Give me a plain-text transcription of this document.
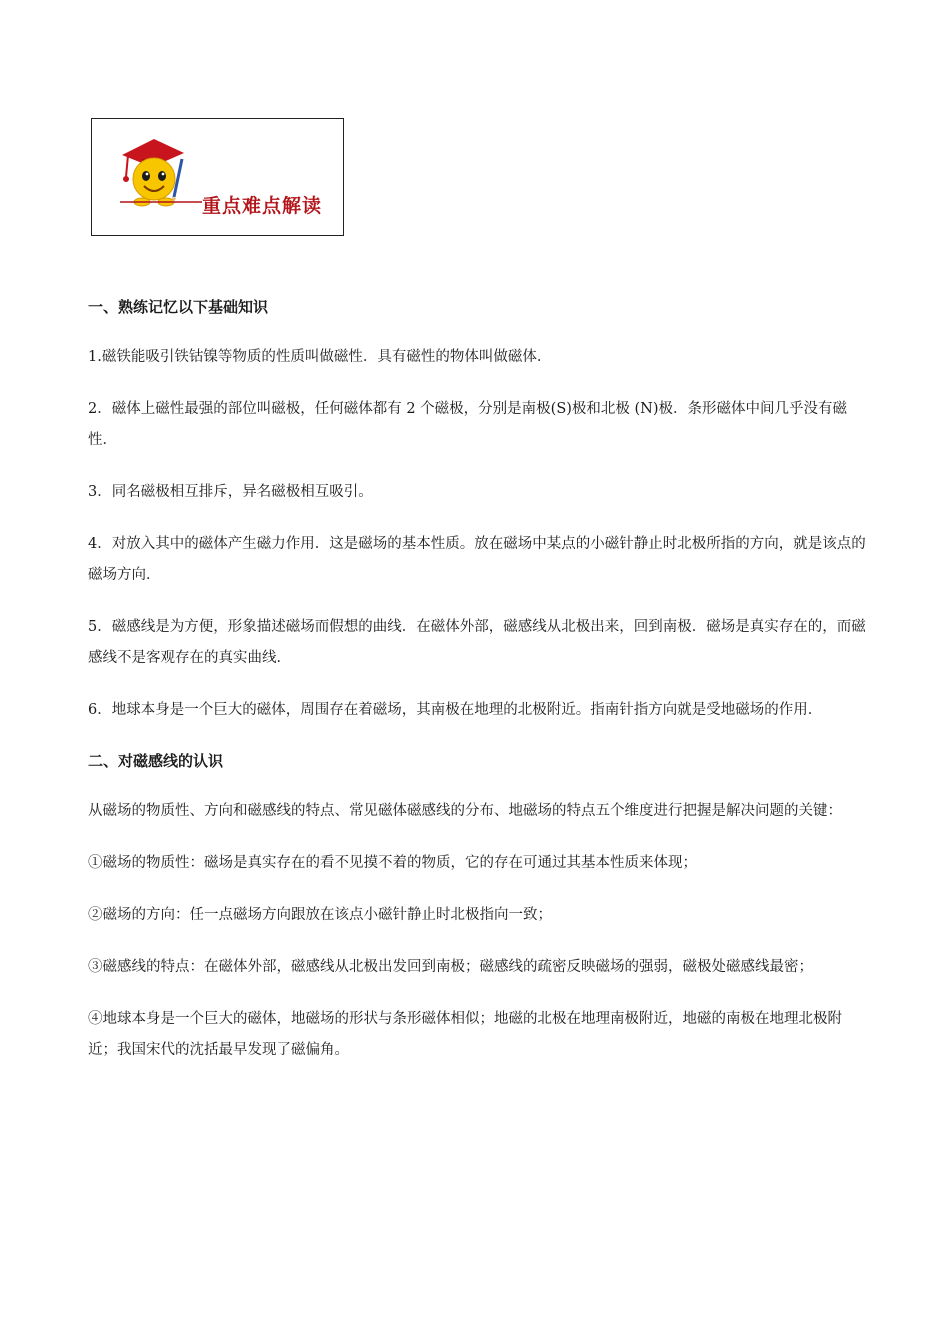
重点难点解读

一、熟练记忆以下基础知识

1.磁铁能吸引铁钴镍等物质的性质叫做磁性．具有磁性的物体叫做磁体．

2．磁体上磁性最强的部位叫磁极，任何磁体都有 2 个磁极，分别是南极(S)极和北极 (N)极．条形磁体中间几乎没有磁性．

3．同名磁极相互排斥，异名磁极相互吸引。

4．对放入其中的磁体产生磁力作用．这是磁场的基本性质。放在磁场中某点的小磁针静止时北极所指的方向，就是该点的磁场方向．

5．磁感线是为方便，形象描述磁场而假想的曲线．在磁体外部，磁感线从北极出来，回到南极．磁场是真实存在的，而磁感线不是客观存在的真实曲线．

6．地球本身是一个巨大的磁体，周围存在着磁场，其南极在地理的北极附近。指南针指方向就是受地磁场的作用．

二、对磁感线的认识

从磁场的物质性、方向和磁感线的特点、常见磁体磁感线的分布、地磁场的特点五个维度进行把握是解决问题的关键：

①磁场的物质性：磁场是真实存在的看不见摸不着的物质，它的存在可通过其基本性质来体现；

②磁场的方向：任一点磁场方向跟放在该点小磁针静止时北极指向一致；

③磁感线的特点：在磁体外部，磁感线从北极出发回到南极；磁感线的疏密反映磁场的强弱，磁极处磁感线最密；

④地球本身是一个巨大的磁体，地磁场的形状与条形磁体相似；地磁的北极在地理南极附近，地磁的南极在地理北极附近；我国宋代的沈括最早发现了磁偏角。
